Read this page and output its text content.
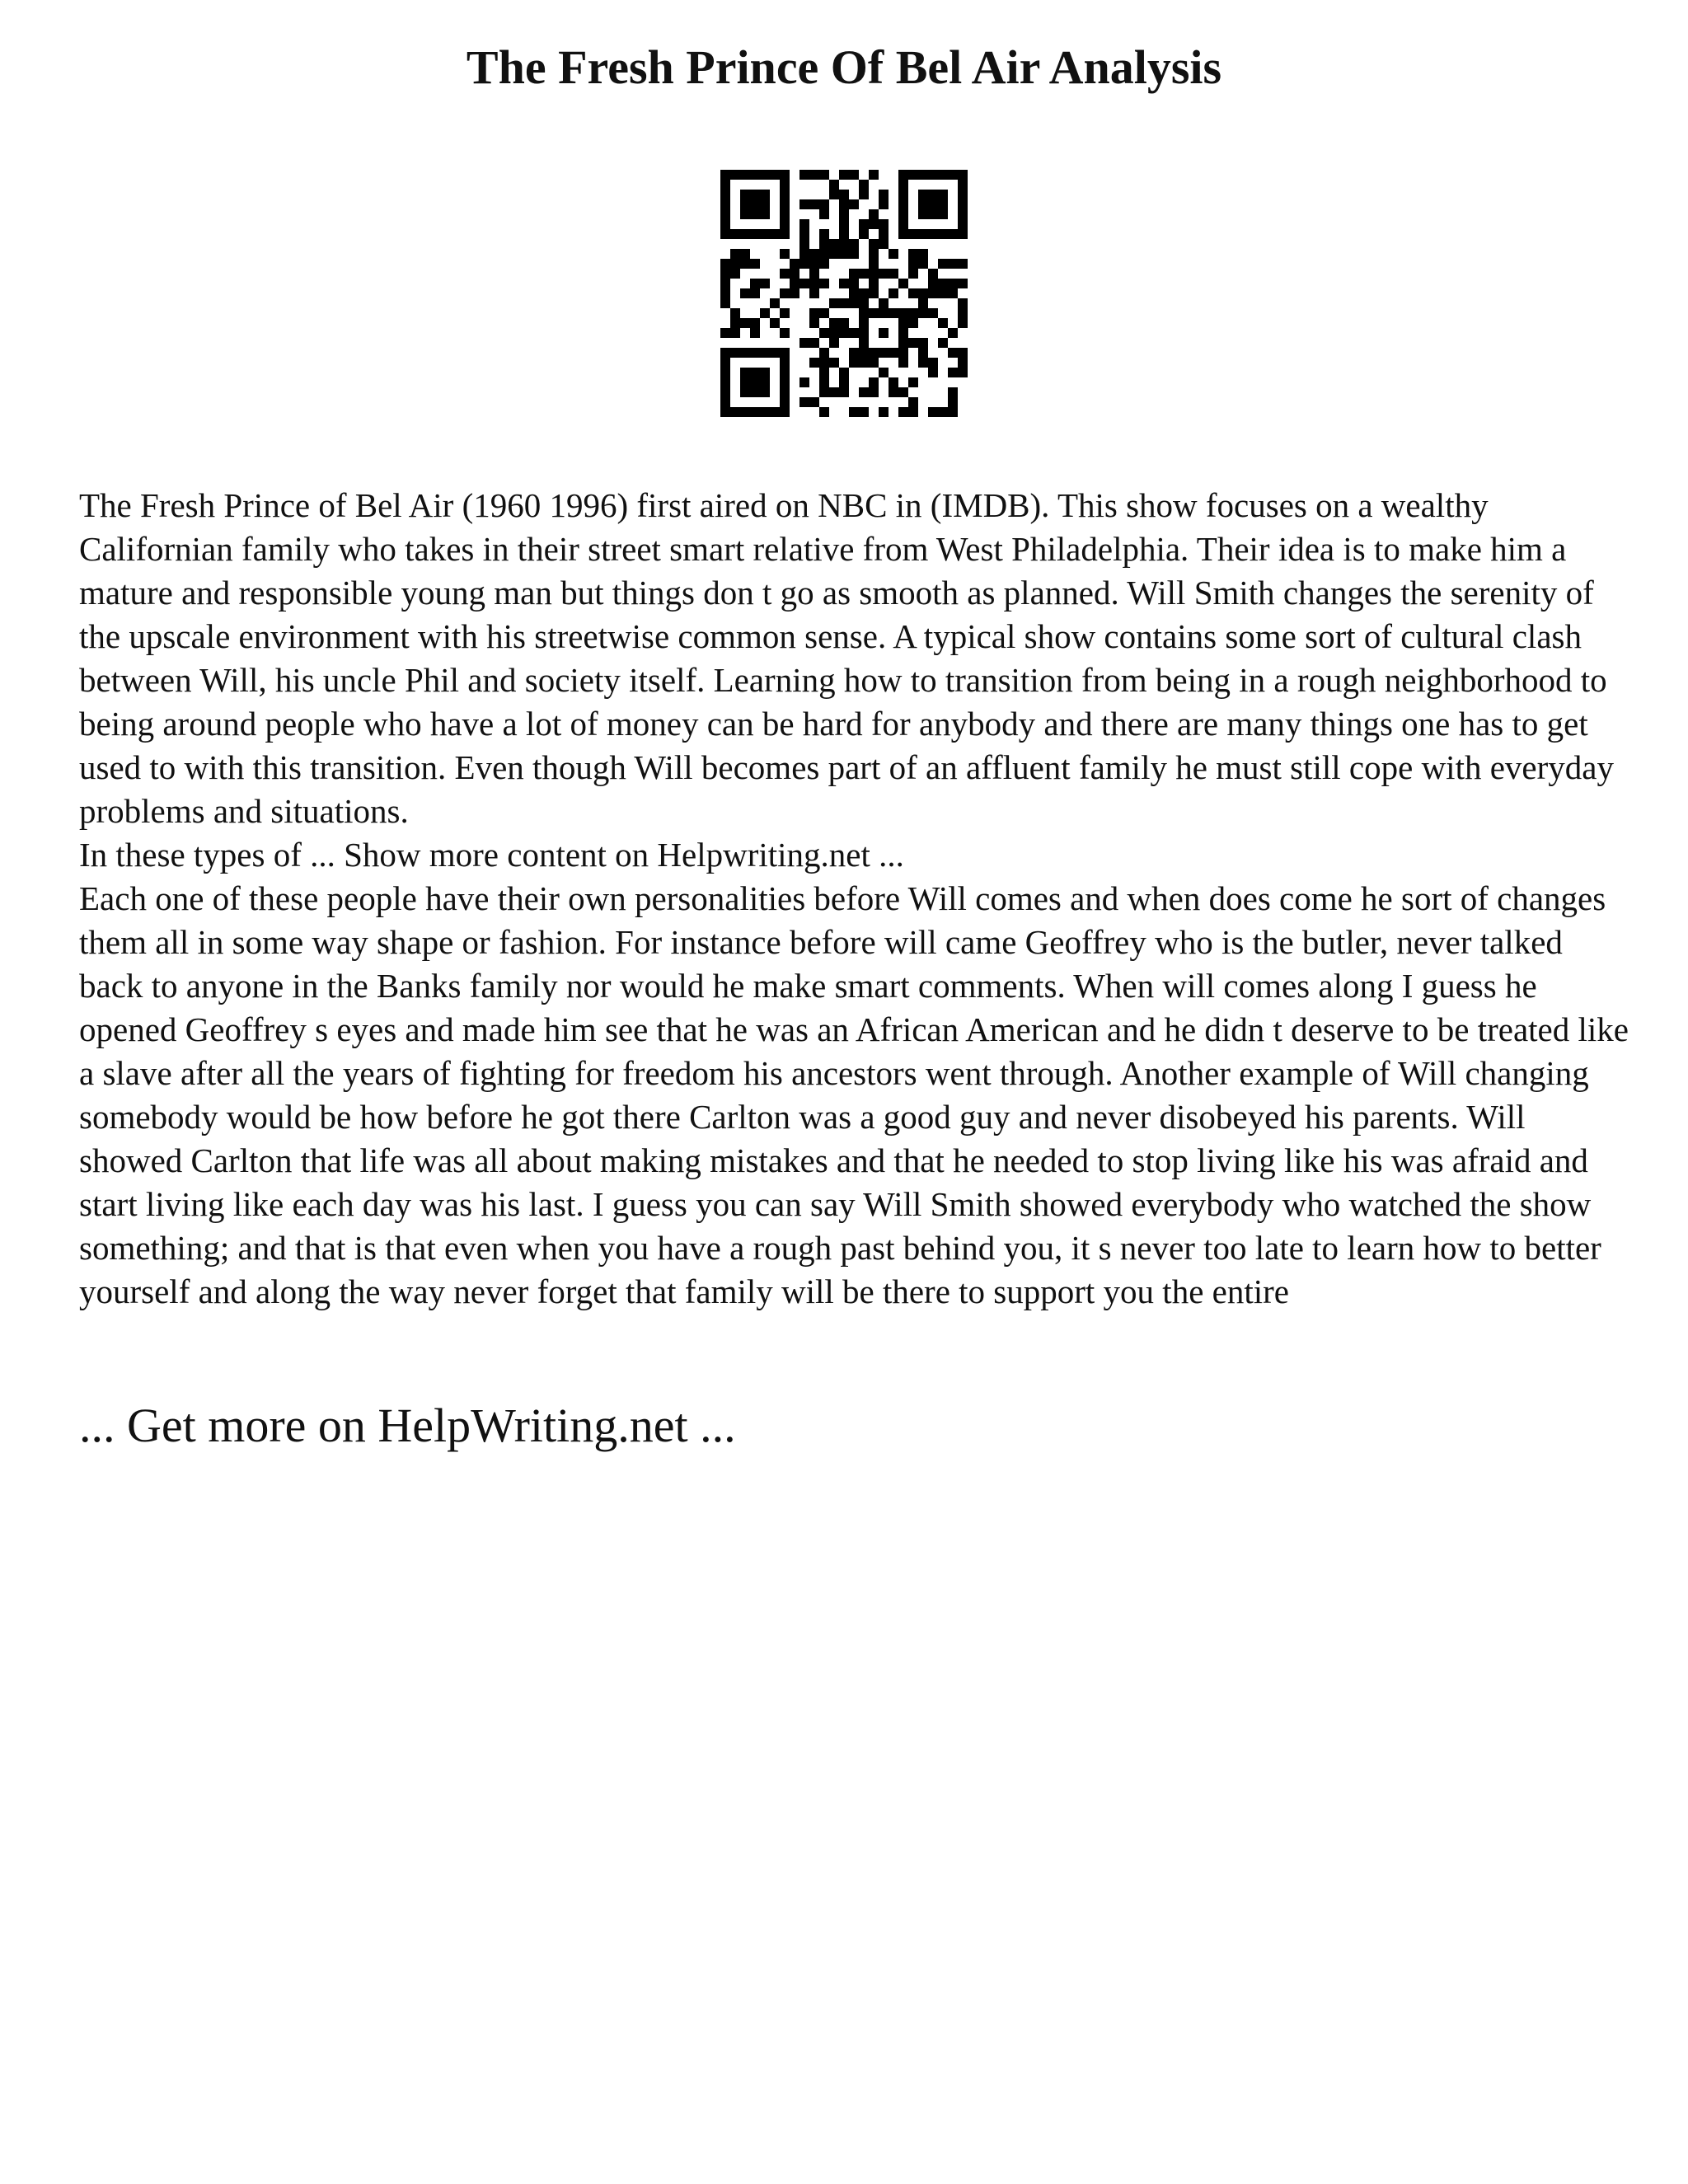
The Fresh Prince Of Bel Air Analysis

The Fresh Prince of Bel Air (1960 1996) first aired on NBC in (IMDB). This show focuses on a wealthy Californian family who takes in their street smart relative from West Philadelphia. Their idea is to make him a mature and responsible young man but things don t go as smooth as planned. Will Smith changes the serenity of the upscale environment with his streetwise common sense. A typical show contains some sort of cultural clash between Will, his uncle Phil and society itself. Learning how to transition from being in a rough neighborhood to being around people who have a lot of money can be hard for anybody and there are many things one has to get used to with this transition. Even though Will becomes part of an affluent family he must still cope with everyday problems and situations.

In these types of ... Show more content on Helpwriting.net ...

Each one of these people have their own personalities before Will comes and when does come he sort of changes them all in some way shape or fashion. For instance before will came Geoffrey who is the butler, never talked back to anyone in the Banks family nor would he make smart comments. When will comes along I guess he opened Geoffrey s eyes and made him see that he was an African American and he didn t deserve to be treated like a slave after all the years of fighting for freedom his ancestors went through. Another example of Will changing somebody would be how before he got there Carlton was a good guy and never disobeyed his parents. Will showed Carlton that life was all about making mistakes and that he needed to stop living like his was afraid and start living like each day was his last. I guess you can say Will Smith showed everybody who watched the show something; and that is that even when you have a rough past behind you, it s never too late to learn how to better yourself and along the way never forget that family will be there to support you the entire

... Get more on HelpWriting.net ...
